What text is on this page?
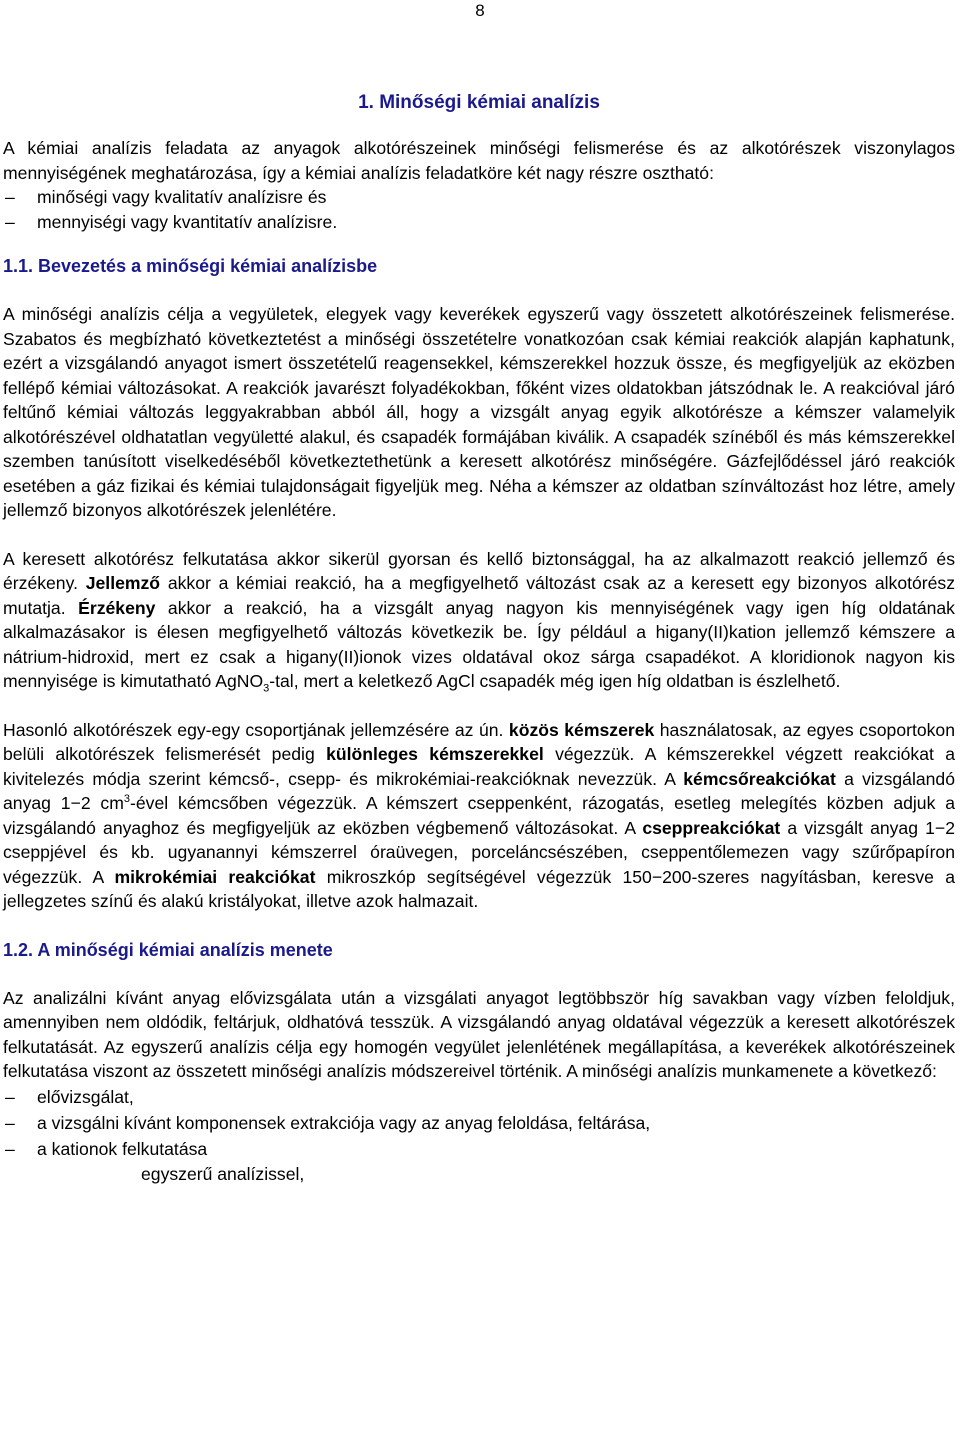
8
1. Minőségi kémiai analízis

A kémiai analízis feladata az anyagok alkotórészeinek minőségi felismerése és az alkotórészek viszonylagos mennyiségének meghatározása, így a kémiai analízis feladatköre két nagy részre osztható:

– minőségi vagy kvalitatív analízisre és
– mennyiségi vagy kvantitatív analízisre.
1.1. Bevezetés a minőségi kémiai analízisbe

A minőségi analízis célja a vegyületek, elegyek vagy keverékek egyszerű vagy összetett alkotórészeinek felismerése. Szabatos és megbízható következtetést a minőségi összetételre vonatkozóan csak kémiai reakciók alapján kaphatunk, ezért a vizsgálandó anyagot ismert összetételű reagensekkel, kémszerekkel hozzuk össze, és megfigyeljük az eközben fellépő kémiai változásokat. A reakciók javarészt folyadékokban, főként vizes oldatokban játszódnak le. A reakcióval járó feltűnő kémiai változás leggyakrabban abból áll, hogy a vizsgált anyag egyik alkotórésze a kémszer valamelyik alkotórészével oldhatatlan vegyületté alakul, és csapadék formájában kiválik. A csapadék színéből és más kémszerekkel szemben tanúsított viselkedéséből következtethetünk a keresett alkotórész minőségére. Gázfejlődéssel járó reakciók esetében a gáz fizikai és kémiai tulajdonságait figyeljük meg. Néha a kémszer az oldatban színváltozást hoz létre, amely jellemző bizonyos alkotórészek jelenlétére.

A keresett alkotórész felkutatása akkor sikerül gyorsan és kellő biztonsággal, ha az alkalmazott reakció jellemző és érzékeny. Jellemző akkor a kémiai reakció, ha a megfigyelhető változást csak az a keresett egy bizonyos alkotórész mutatja. Érzékeny akkor a reakció, ha a vizsgált anyag nagyon kis mennyiségének vagy igen híg oldatának alkalmazásakor is élesen megfigyelhető változás következik be. Így például a higany(II)kation jellemző kémszere a nátrium-hidroxid, mert ez csak a higany(II)ionok vizes oldatával okoz sárga csapadékot. A kloridionok nagyon kis mennyisége is kimutatható AgNO$_3$-tal, mert a keletkező AgCl csapadék még igen híg oldatban is észlelhető.

Hasonló alkotórészek egy-egy csoportjának jellemzésére az ún. közös kémszerek használatosak, az egyes csoportokon belüli alkotórészek felismerését pedig különleges kémszerekkel végezzük. A kémszerekkel végzett reakciókat a kivitelezés módja szerint kémcső-, csepp- és mikrokémiai-reakcióknak nevezzük. A kémcsőreakciókat a vizsgálandó anyag 1−2 $cm^3$-ével kémcsőben végezzük. A kémszert cseppenként, rázogatás, esetleg melegítés közben adjuk a vizsgálandó anyaghoz és megfigyeljük az eközben végbemenő változásokat. A cseppreakciókat a vizsgált anyag 1−2 cseppjével és kb. ugyanannyi kémszerrel óraüvegen, porceláncsészében, cseppentőlemezen vagy szűrőpapíron végezzük. A mikrokémiai reakciókat mikroszkóp segítségével végezzük 150−200-szeres nagyításban, keresve a jellegzetes színű és alakú kristályokat, illetve azok halmazait.

1.2. A minőségi kémiai analízis menete

Az analizálni kívánt anyag elővizsgálata után a vizsgálati anyagot legtöbbször híg savakban vagy vízben feloldjuk, amennyiben nem oldódik, feltárjuk, oldhatóvá tesszük. A vizsgálandó anyag oldatával végezzük a keresett alkotórészek felkutatását. Az egyszerű analízis célja egy homogén vegyület jelenlétének megállapítása, a keverékek alkotórészeinek felkutatása viszont az összetett minőségi analízis módszereivel történik. A minőségi analízis munkamenete a következő:

– elővizsgálat,
– a vizsgálni kívánt komponensek extrakciója vagy az anyag feloldása, feltárása,
– a kationok felkutatása
egyszerű analízissel,
